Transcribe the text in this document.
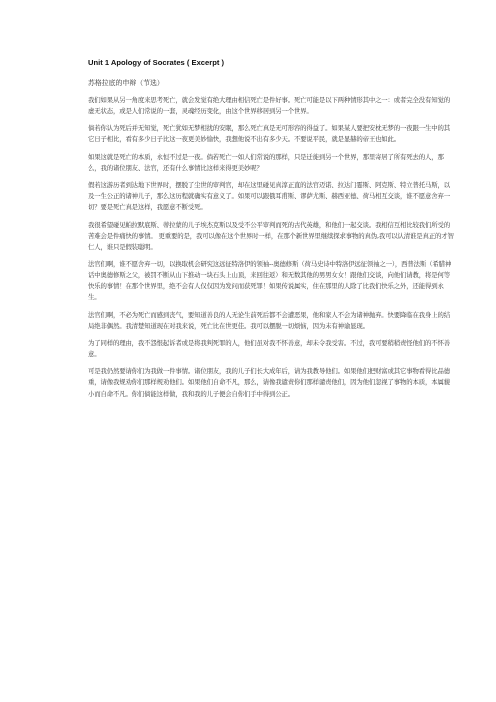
Unit 1 Apology of Socrates ( Excerpt )
苏格拉底的申辩（节选）

我们如果从另一角度来思考死亡，就会发觉有绝大理由相信死亡是件好事。死亡可能是以下两种情形其中之一：或者完全没有知觉的虚无状态，或是人们常说的一套，灵魂经历变化，由这个世界移居到另一个世界。

倘若你认为死后并无知觉，死亡犹如无梦相扰的安眠，那么死亡真是无可形容的得益了。如果某人要把安枕无梦的一夜跟一生中的其它日子相比，看有多少日子比这一夜更美妙愉快，我想他说不出有多少天。不要说平民，就是显赫的帝王也如此。

如果这就是死亡的本质，永恒不过是一夜。倘若死亡一如人们常说的那样，只是迁徙到另一个世界，那里寄居了所有死去的人，那么，我的诸位朋友、法官，还有什么事情比这样来得更美妙呢？

假若这游历者到达地下世界时，摆脱了尘世的审判官，却在这里碰见真淳正直的法官迈诺、拉达门霎斯、阿克斯、特立普托马斯，以及一生公正的诸神儿子，那么这历程就确实有意义了。如果可以跟俄耳甫斯、谬萨尤斯、赫西亚德、荷马相互交谈，谁不愿意舍弃一切？要是死亡真是这样，我愿意不断受死。

我很希望碰见帕拉默底斯、蒂拉蒙的儿子埃杰克斯以及受不公平审判而死的古代英雄，和他们一起交谈。我相信互相比较我们所受的苦难会是件痛快的事情。 更重要的是，我可以像在这个世界时一样，在那个新世界里继续探求事物的真伪,我可以认清谁是真正的才智仁人，谁只是假装聪明。

法官们啊，谁不愿舍弃一切，以换取机会研究这远征特洛伊的领袖--奥德修斯（荷马史诗中特洛伊远征领袖之一），西普法斯（希腊神话中奥德修斯之父，被罚不断从山下推动一块石头上山顶，来回往返）和无数其他的男男女女！跟他们交谈，向他们请教，将是何等快乐的事情！在那个世界里，绝不会有人仅仅因为发问而获死罪！如果传说属实，住在那里的人除了比我们快乐之外，还能得到永生。

法官们啊，不必为死亡而感到丧气，要知道善良的人无论生前死后都不会遭恶果，他和家人不会为诸神抛弃。快要降临在我身上的结局绝非偶然。我清楚知道现在对我来说，死亡比在世更佳。我可以摆脱一切烦恼，因为未有神谕显现。

为了同样的理由，我不怨恨起诉者或是将我判死罪的人，他们虽对我不怀善意，却未令我受害。不过，我可要稍稍责怪他们的不怀善意。

可是我仍然要请你们为我做一件事情。诸位朋友，我的儿子们长大成年后，请为我教导他们。如果他们把财富或其它事物看得比品德重，请像我规劝你们那样规劝他们。如果他们自命不凡，那么，请像我谴责你们那样谴责他们，因为他们忽视了事物的本质，本属藐小而自命不凡。你们倘能这样做，我和我的儿子便会自你们手中得到公正。
